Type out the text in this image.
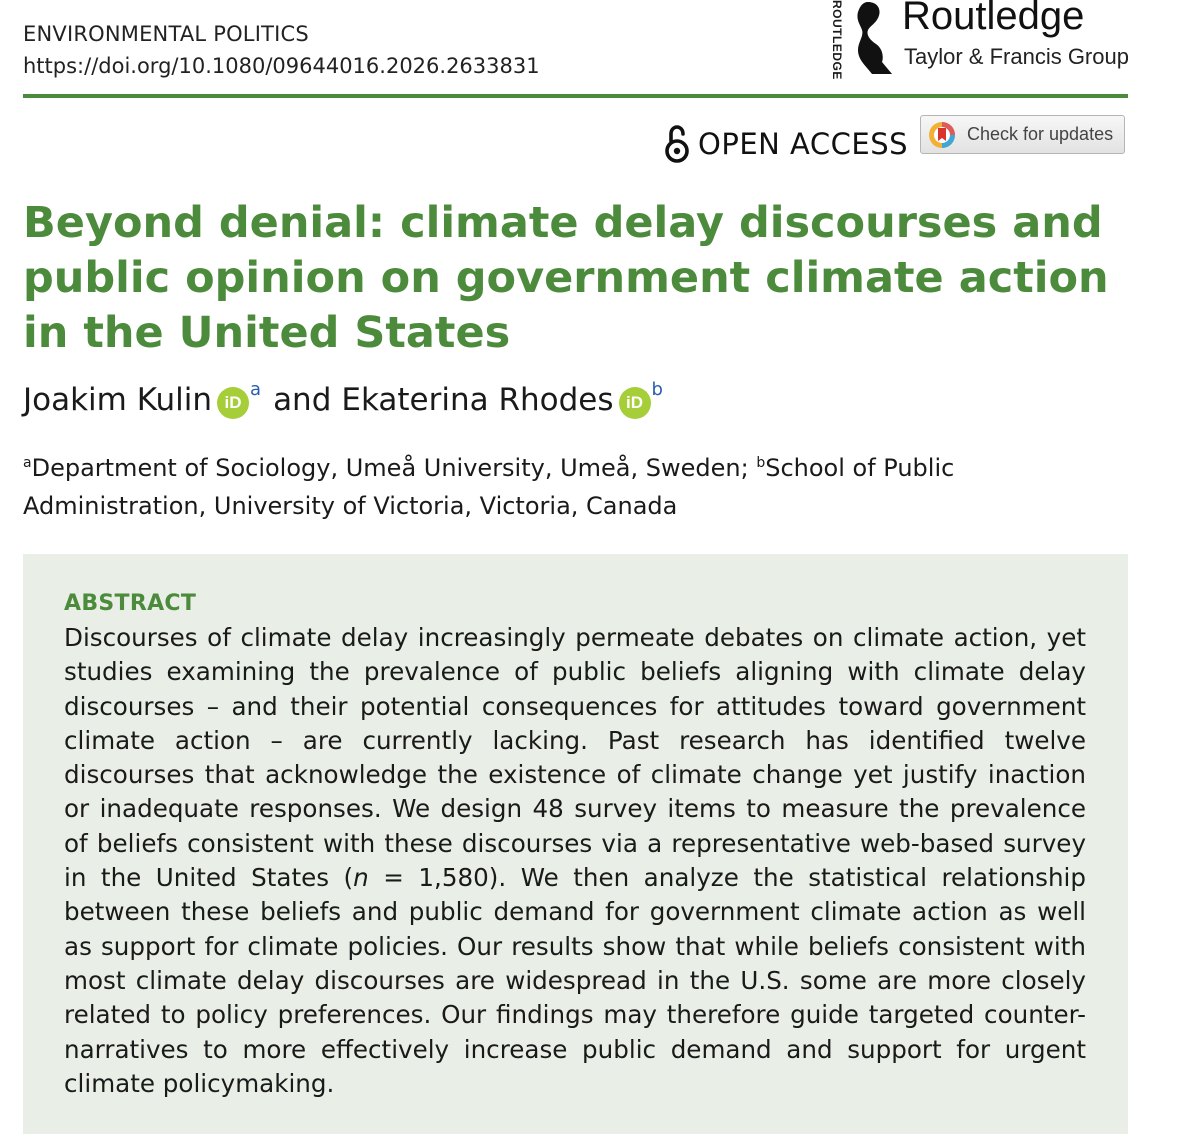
ENVIRONMENTAL POLITICS
https://doi.org/10.1080/09644016.2026.2633831	ROUTLEDGE Routledge
Taylor & Francis Group
OPEN ACCESS	Check for updates
Beyond denial: climate delay discourses and public opinion on government climate action in the United States
Joakim Kulin iD
a and Ekaterina Rhodes iD
b
$^a$Department of Sociology, Umeå University, Umeå, Sweden; $^b$School of Public Administration, University of Victoria, Victoria, Canada
ABSTRACT

Discourses of climate delay increasingly permeate debates on climate action, yet studies examining the prevalence of public beliefs aligning with climate delay discourses – and their potential consequences for attitudes toward government climate action – are currently lacking. Past research has identified twelve discourses that acknowledge the existence of climate change yet justify inaction or inadequate responses. We design 48 survey items to measure the prevalence of beliefs consistent with these discourses via a representative web-based survey in the United States (n = 1,580). We then analyze the statistical relationship between these beliefs and public demand for government climate action as well as support for climate policies. Our results show that while beliefs consistent with most climate delay discourses are widespread in the U.S. some are more closely related to policy preferences. Our findings may therefore guide targeted counter-narratives to more effectively increase public demand and support for urgent climate policymaking.
